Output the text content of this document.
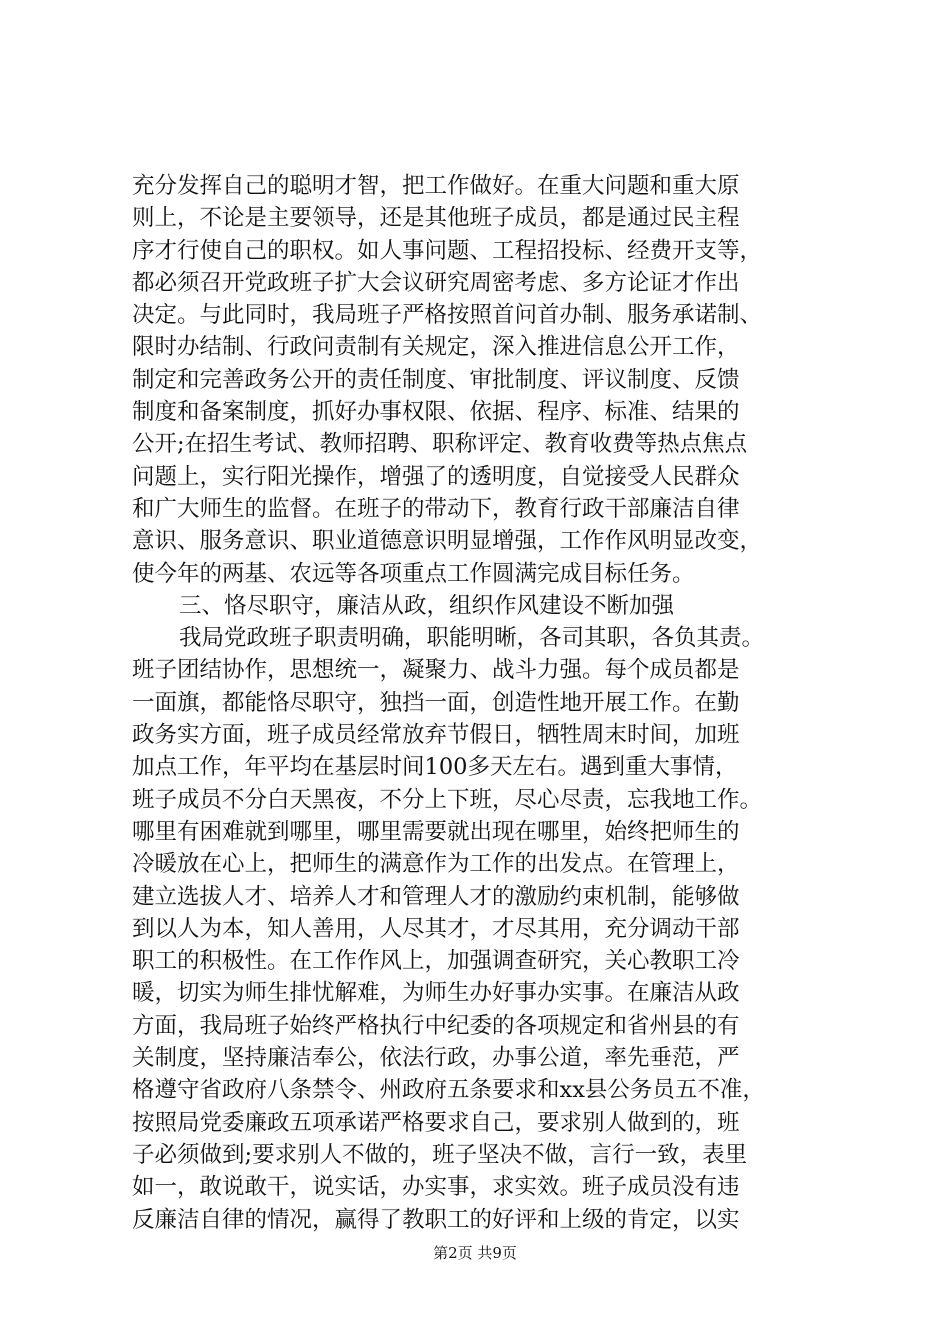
充分发挥自己的聪明才智，把工作做好。在重大问题和重大原
则上，不论是主要领导，还是其他班子成员，都是通过民主程
序才行使自己的职权。如人事问题、工程招投标、经费开支等，
都必须召开党政班子扩大会议研究周密考虑、多方论证才作出
决定。与此同时，我局班子严格按照首问首办制、服务承诺制、
限时办结制、行政问责制有关规定，深入推进信息公开工作，
制定和完善政务公开的责任制度、审批制度、评议制度、反馈
制度和备案制度，抓好办事权限、依据、程序、标准、结果的
公开;在招生考试、教师招聘、职称评定、教育收费等热点焦点
问题上，实行阳光操作，增强了的透明度，自觉接受人民群众
和广大师生的监督。在班子的带动下，教育行政干部廉洁自律
意识、服务意识、职业道德意识明显增强，工作作风明显改变，
使今年的两基、农远等各项重点工作圆满完成目标任务。
三、恪尽职守，廉洁从政，组织作风建设不断加强
我局党政班子职责明确，职能明晰，各司其职，各负其责。
班子团结协作，思想统一，凝聚力、战斗力强。每个成员都是
一面旗，都能恪尽职守，独挡一面，创造性地开展工作。在勤
政务实方面，班子成员经常放弃节假日，牺牲周末时间，加班
加点工作，年平均在基层时间100多天左右。遇到重大事情，
班子成员不分白天黑夜，不分上下班，尽心尽责，忘我地工作。
哪里有困难就到哪里，哪里需要就出现在哪里，始终把师生的
冷暖放在心上，把师生的满意作为工作的出发点。在管理上，
建立选拔人才、培养人才和管理人才的激励约束机制，能够做
到以人为本，知人善用，人尽其才，才尽其用，充分调动干部
职工的积极性。在工作作风上，加强调查研究，关心教职工冷
暖，切实为师生排忧解难，为师生办好事办实事。在廉洁从政
方面，我局班子始终严格执行中纪委的各项规定和省州县的有
关制度，坚持廉洁奉公，依法行政，办事公道，率先垂范，严
格遵守省政府八条禁令、州政府五条要求和xx县公务员五不准，
按照局党委廉政五项承诺严格要求自己，要求别人做到的，班
子必须做到;要求别人不做的，班子坚决不做，言行一致，表里
如一，敢说敢干，说实话，办实事，求实效。班子成员没有违
反廉洁自律的情况，赢得了教职工的好评和上级的肯定，以实
第2页 共9页
